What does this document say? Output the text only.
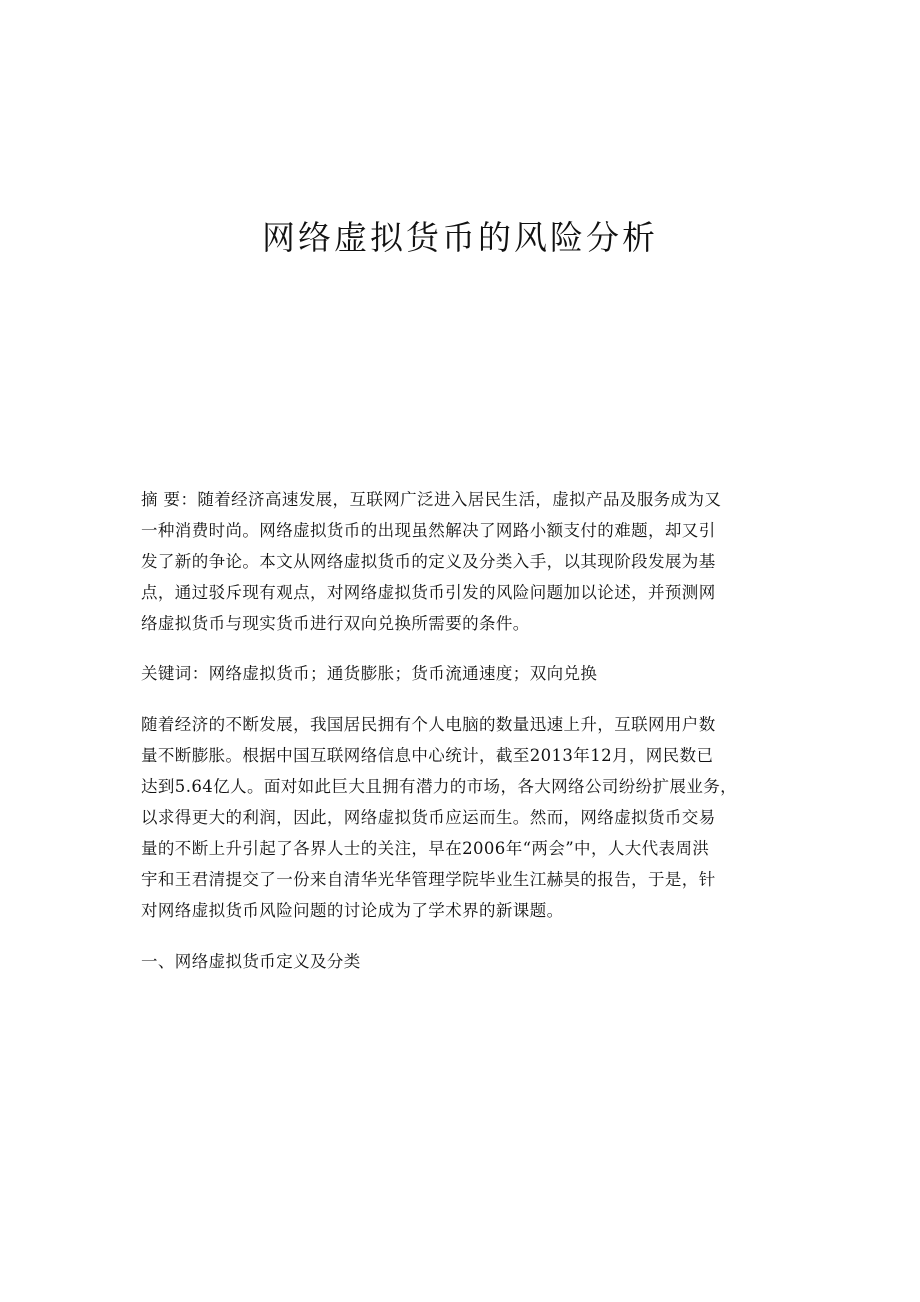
网络虚拟货币的风险分析
摘 要：随着经济高速发展，互联网广泛进入居民生活，虚拟产品及服务成为又
一种消费时尚。网络虚拟货币的出现虽然解决了网路小额支付的难题，却又引
发了新的争论。本文从网络虚拟货币的定义及分类入手，以其现阶段发展为基
点，通过驳斥现有观点，对网络虚拟货币引发的风险问题加以论述，并预测网
络虚拟货币与现实货币进行双向兑换所需要的条件。
关键词：网络虚拟货币；通货膨胀；货币流通速度；双向兑换
随着经济的不断发展，我国居民拥有个人电脑的数量迅速上升，互联网用户数
量不断膨胀。根据中国互联网络信息中心统计，截至2013年12月，网民数已
达到5.64亿人。面对如此巨大且拥有潜力的市场，各大网络公司纷纷扩展业务，
以求得更大的利润，因此，网络虚拟货币应运而生。然而，网络虚拟货币交易
量的不断上升引起了各界人士的关注，早在2006年“两会”中，人大代表周洪
宇和王君清提交了一份来自清华光华管理学院毕业生江赫昊的报告，于是，针
对网络虚拟货币风险问题的讨论成为了学术界的新课题。
一、网络虚拟货币定义及分类
